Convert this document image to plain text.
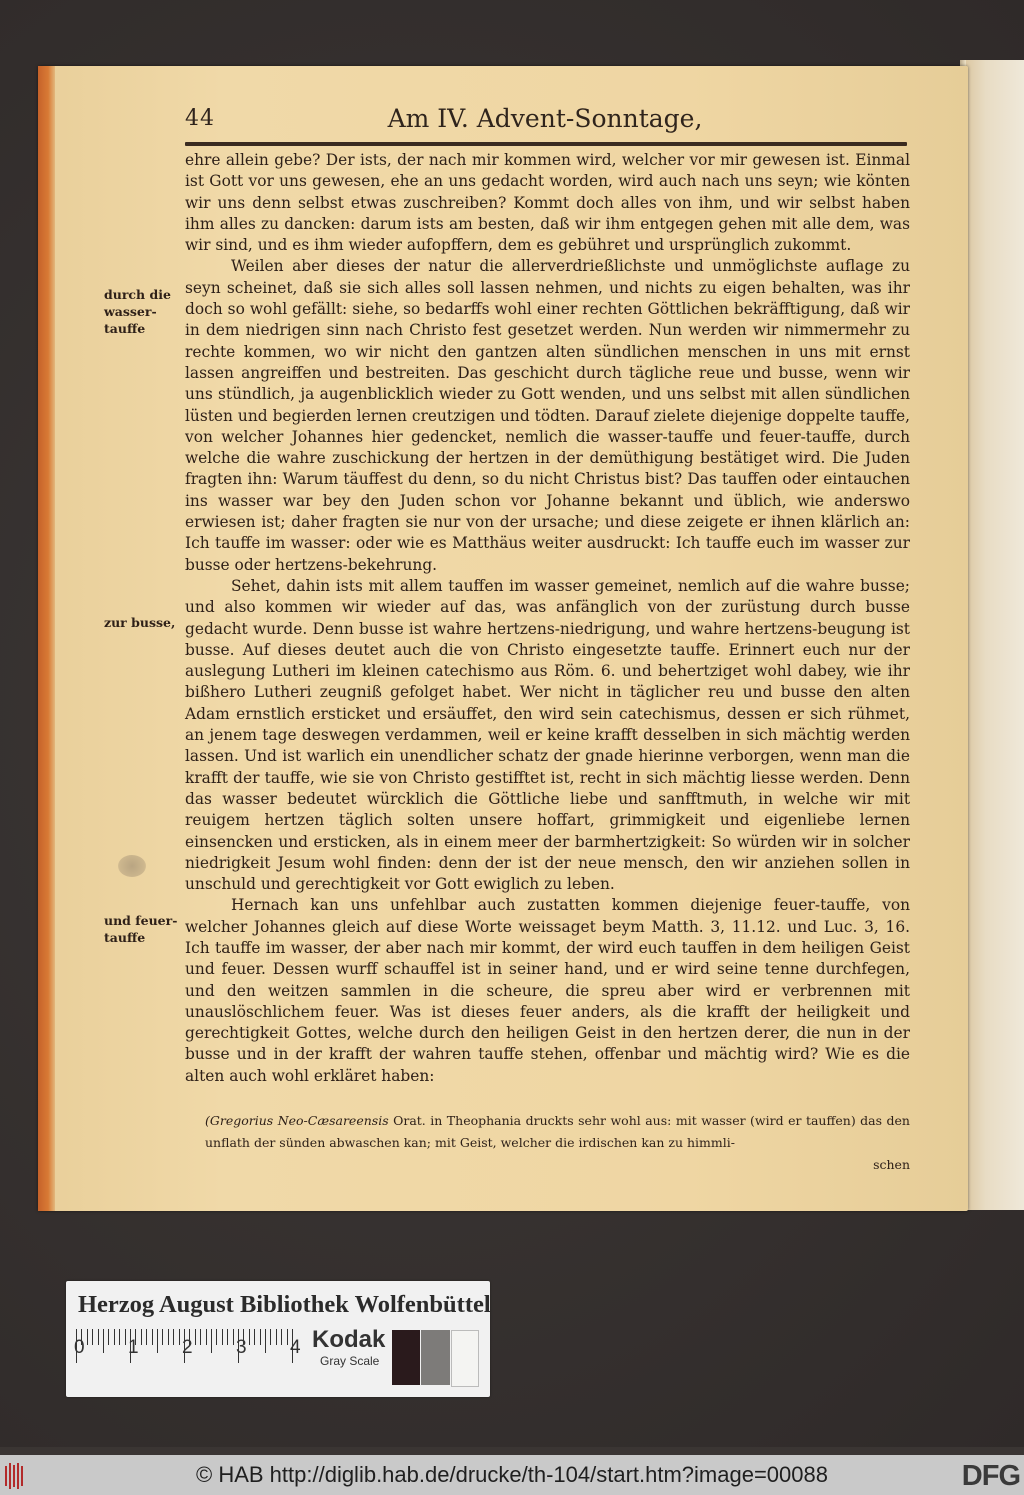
44	Am IV. Advent-Sonntage,
durch die wasser-tauffe
zur busse,
und feuer-tauffe

ehre allein gebe? Der ists, der nach mir kommen wird, welcher vor mir gewesen ist. Einmal ist Gott vor uns gewesen, ehe an uns gedacht worden, wird auch nach uns seyn; wie könten wir uns denn selbst etwas zuschreiben? Kommt doch alles von ihm, und wir selbst haben ihm alles zu dancken: darum ists am besten, daß wir ihm entgegen gehen mit alle dem, was wir sind, und es ihm wieder aufopffern, dem es gebühret und ursprünglich zukommt.

Weilen aber dieses der natur die allerverdrießlichste und unmöglichste auflage zu seyn scheinet, daß sie sich alles soll lassen nehmen, und nichts zu eigen behalten, was ihr doch so wohl gefällt: siehe, so bedarffs wohl einer rechten Göttlichen bekräfftigung, daß wir in dem niedrigen sinn nach Christo fest gesetzet werden. Nun werden wir nimmermehr zu rechte kommen, wo wir nicht den gantzen alten sündlichen menschen in uns mit ernst lassen angreiffen und bestreiten. Das geschicht durch tägliche reue und busse, wenn wir uns stündlich, ja augenblicklich wieder zu Gott wenden, und uns selbst mit allen sündlichen lüsten und begierden lernen creutzigen und tödten. Darauf zielete diejenige doppelte tauffe, von welcher Johannes hier gedencket, nemlich die wasser-tauffe und feuer-tauffe, durch welche die wahre zuschickung der hertzen in der demüthigung bestätiget wird. Die Juden fragten ihn: Warum täuffest du denn, so du nicht Christus bist? Das tauffen oder eintauchen ins wasser war bey den Juden schon vor Johanne bekannt und üblich, wie anderswo erwiesen ist; daher fragten sie nur von der ursache; und diese zeigete er ihnen klärlich an: Ich tauffe im wasser: oder wie es Matthäus weiter ausdruckt: Ich tauffe euch im wasser zur busse oder hertzens-bekehrung.

Sehet, dahin ists mit allem tauffen im wasser gemeinet, nemlich auf die wahre busse; und also kommen wir wieder auf das, was anfänglich von der zurüstung durch busse gedacht wurde. Denn busse ist wahre hertzens-niedrigung, und wahre hertzens-beugung ist busse. Auf dieses deutet auch die von Christo eingesetzte tauffe. Erinnert euch nur der auslegung Lutheri im kleinen catechismo aus Röm. 6. und behertziget wohl dabey, wie ihr bißhero Lutheri zeugniß gefolget habet. Wer nicht in täglicher reu und busse den alten Adam ernstlich ersticket und ersäuffet, den wird sein catechismus, dessen er sich rühmet, an jenem tage deswegen verdammen, weil er keine krafft desselben in sich mächtig werden lassen. Und ist warlich ein unendlicher schatz der gnade hierinne verborgen, wenn man die krafft der tauffe, wie sie von Christo gestifftet ist, recht in sich mächtig liesse werden. Denn das wasser bedeutet würcklich die Göttliche liebe und sanfftmuth, in welche wir mit reuigem hertzen täglich solten unsere hoffart, grimmigkeit und eigenliebe lernen einsencken und ersticken, als in einem meer der barmhertzigkeit: So würden wir in solcher niedrigkeit Jesum wohl finden: denn der ist der neue mensch, den wir anziehen sollen in unschuld und gerechtigkeit vor Gott ewiglich zu leben.

Hernach kan uns unfehlbar auch zustatten kommen diejenige feuer-tauffe, von welcher Johannes gleich auf diese Worte weissaget beym Matth. 3, 11.12. und Luc. 3, 16. Ich tauffe im wasser, der aber nach mir kommt, der wird euch tauffen in dem heiligen Geist und feuer. Dessen wurff schauffel ist in seiner hand, und er wird seine tenne durchfegen, und den weitzen sammlen in die scheure, die spreu aber wird er verbrennen mit unauslöschlichem feuer. Was ist dieses feuer anders, als die krafft der heiligkeit und gerechtigkeit Gottes, welche durch den heiligen Geist in den hertzen derer, die nun in der busse und in der krafft der wahren tauffe stehen, offenbar und mächtig wird? Wie es die alten auch wohl erkläret haben:

(Gregorius Neo-Cæsareensis Orat. in Theophania druckts sehr wohl aus: mit wasser (wird er tauffen) das den unflath der sünden abwaschen kan; mit Geist, welcher die irdischen kan zu himmli-
schen
Herzog August Bibliothek Wolfenbüttel
0 1 2 3 4 Kodak
Gray Scale
© HAB http://diglib.hab.de/drucke/th-104/start.htm?image=00088	DFG
